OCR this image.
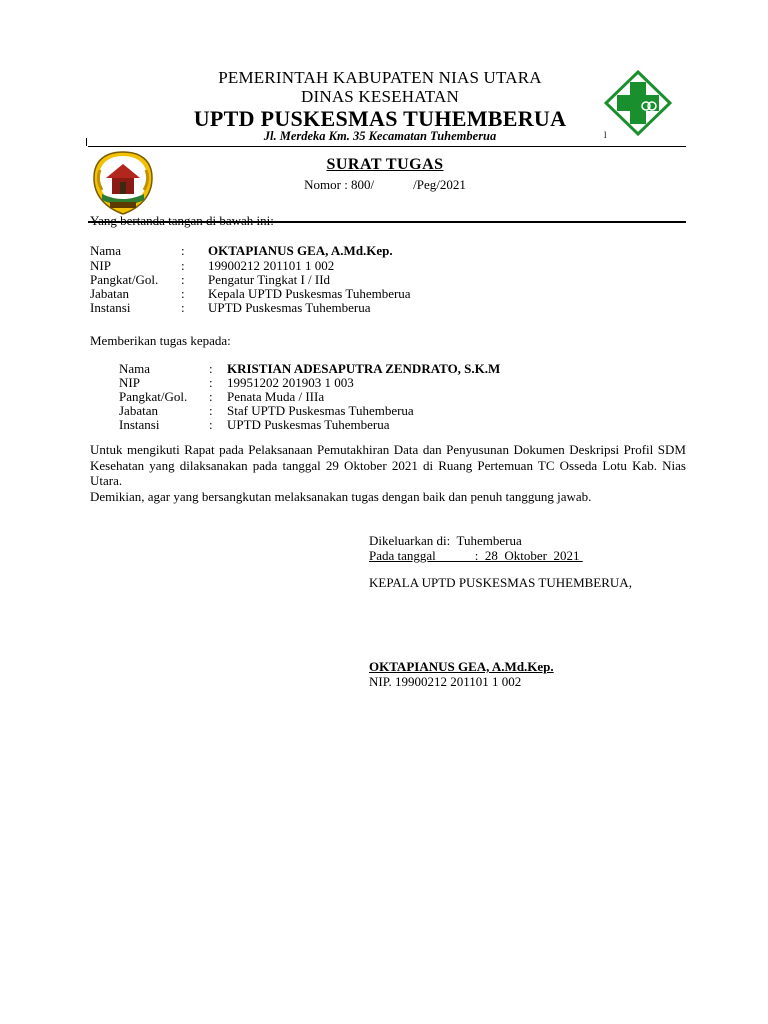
PEMERINTAH KABUPATEN NIAS UTARA
DINAS KESEHATAN
UPTD PUSKESMAS TUHEMBERUA
Jl. Merdeka Km. 35 Kecamatan Tuhemberua	l
SURAT TUGAS
Nomor : 800/            /Peg/2021
Yang bertanda tangan di bawah ini:
Nama	: OKTAPIANUS GEA, A.Md.Kep.
NIP	: 19900212 201101 1 002
Pangkat/Gol. : Pengatur Tingkat I / IId
Jabatan	: Kepala UPTD Puskesmas Tuhemberua
Instansi	: UPTD Puskesmas Tuhemberua
Memberikan tugas kepada:
Nama	: KRISTIAN ADESAPUTRA ZENDRATO, S.K.M
NIP	: 19951202 201903 1 003
Pangkat/Gol. : Penata Muda / IIIa
Jabatan	: Staf UPTD Puskesmas Tuhemberua
Instansi	: UPTD Puskesmas Tuhemberua

Untuk mengikuti Rapat pada Pelaksanaan Pemutakhiran Data dan Penyusunan Dokumen Deskripsi Profil SDM Kesehatan yang dilaksanakan pada tanggal 29 Oktober 2021 di Ruang Pertemuan TC Osseda Lotu Kab. Nias Utara.

Demikian, agar yang bersangkutan melaksanakan tugas dengan baik dan penuh tanggung jawab.

Dikeluarkan di:  Tuhemberua
Pada tanggal            :  28  Oktober  2021
KEPALA UPTD PUSKESMAS TUHEMBERUA,
OKTAPIANUS GEA, A.Md.Kep.
NIP. 19900212 201101 1 002
